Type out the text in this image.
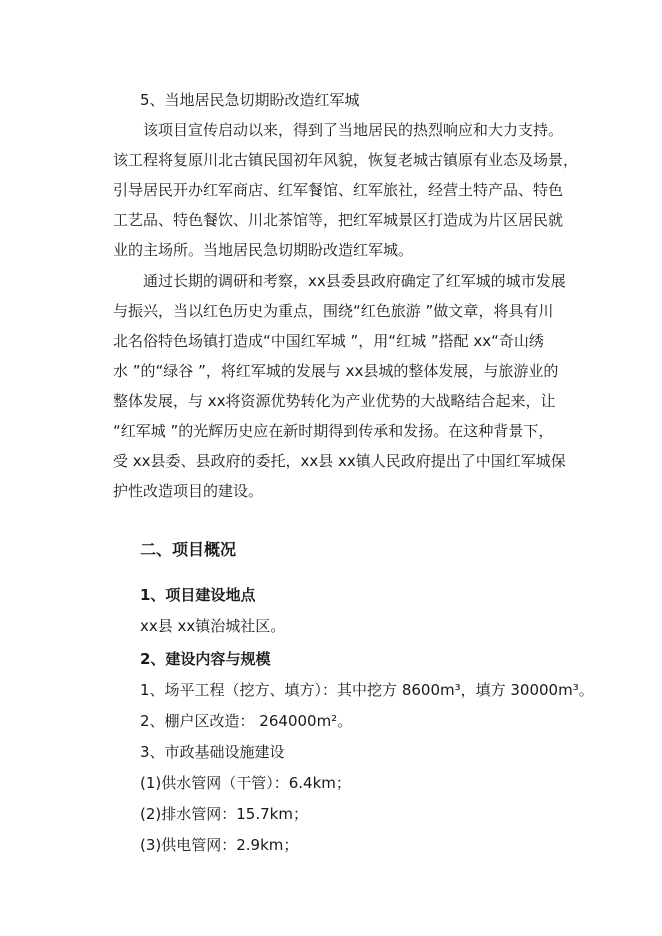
5、当地居民急切期盼改造红军城
该项目宣传启动以来，得到了当地居民的热烈响应和大力支持。
该工程将复原川北古镇民国初年风貌，恢复老城古镇原有业态及场景，
引导居民开办红军商店、红军餐馆、红军旅社，经营土特产品、特色
工艺品、特色餐饮、川北茶馆等，把红军城景区打造成为片区居民就
业的主场所。当地居民急切期盼改造红军城。
通过长期的调研和考察，xx县委县政府确定了红军城的城市发展
与振兴，当以红色历史为重点，围绕“红色旅游 ”做文章，将具有川
北名俗特色场镇打造成“中国红军城 ”，用“红城 ”搭配 xx“奇山绣
水 ”的“绿谷 ”，将红军城的发展与 xx县城的整体发展，与旅游业的
整体发展，与 xx将资源优势转化为产业优势的大战略结合起来，让
“红军城 ”的光辉历史应在新时期得到传承和发扬。在这种背景下，
受 xx县委、县政府的委托，xx县 xx镇人民政府提出了中国红军城保
护性改造项目的建设。
二、项目概况
1、项目建设地点
xx县 xx镇治城社区。
2、建设内容与规模
1、场平工程（挖方、填方）：其中挖方 8600m³，填方 30000m³。
2、棚户区改造： 264000m²。
3、市政基础设施建设
(1)供水管网（干管）：6.4km；
(2)排水管网：15.7km；
(3)供电管网：2.9km；
